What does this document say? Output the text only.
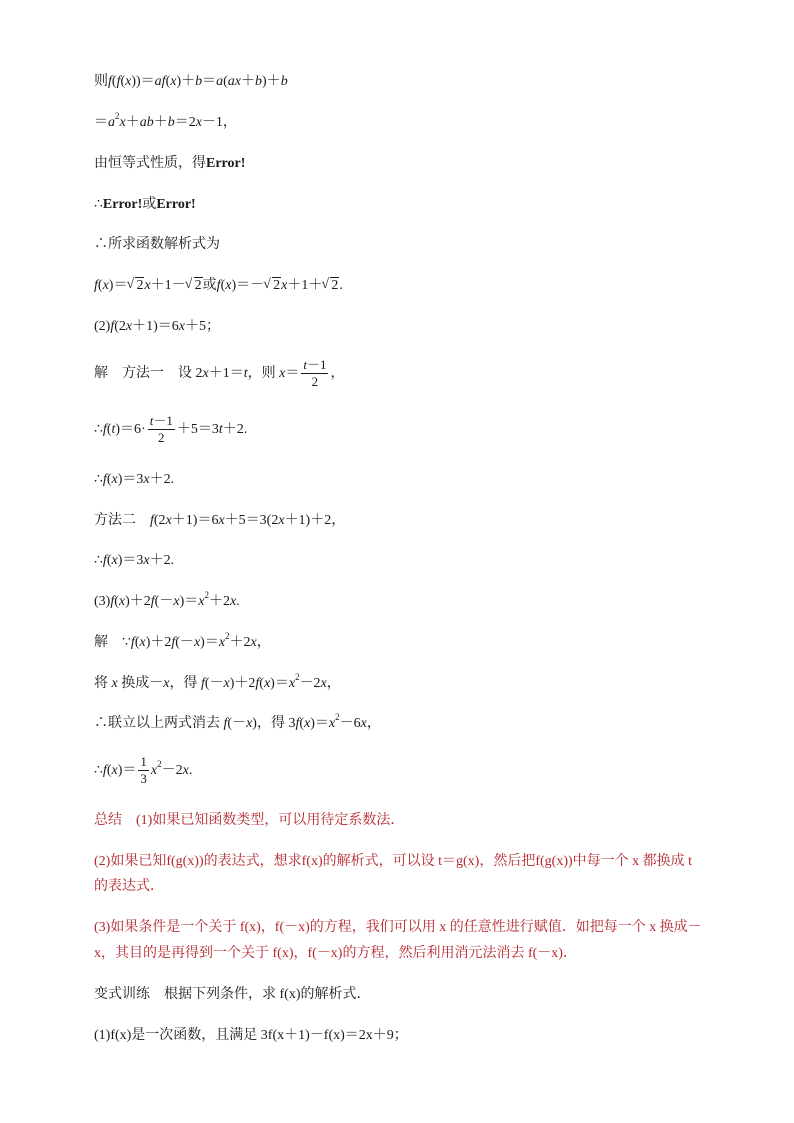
则f(f(x))＝af(x)＋b＝a(ax＋b)＋b
$=a^2x+ab+b=2x-1$，
由恒等式性质，得Error!
∴Error!或Error!
∴所求函数解析式为
f(x)＝ √ 2x＋1－ √ 2或f(x)＝－ √ 2x＋1＋ √ 2.
(2)f(2x＋1)＝6x＋5；
解 方法一 设 2x＋1＝t，则 $x= \frac{t-1}{2}$ ，
∴f(t)＝6· $\frac{t-1}{2} +5=3t+2$.
∴f(x)＝3x＋2.
方法二 f(2x＋1)＝6x＋5＝3(2x＋1)＋2，
∴f(x)＝3x＋2.
$(3)f(x)+2f(-x)=x^2+2x$.
解 $\because f(x)+2f(-x)=x^2+2x$，
将 x 换成－x，得 $f(-x)+2f(x)=x^2-2x$，
∴联立以上两式消去 f(－x)，得 $3f(x)=x^2-6x$，
∴f(x)＝ $\frac{1}{3} x^2-2x$.
总结 (1)如果已知函数类型，可以用待定系数法．
(2)如果已知f(g(x))的表达式，想求f(x)的解析式，可以设 t＝g(x)，然后把f(g(x))中每一个 x 都换成 t
的表达式．
(3)如果条件是一个关于 f(x)，f(－x)的方程，我们可以用 x 的任意性进行赋值．如把每一个 x 换成－
x，其目的是再得到一个关于 f(x)，f(－x)的方程，然后利用消元法消去 f(－x)．
变式训练 根据下列条件，求 f(x)的解析式．
(1)f(x)是一次函数，且满足 3f(x＋1)－f(x)＝2x＋9；
